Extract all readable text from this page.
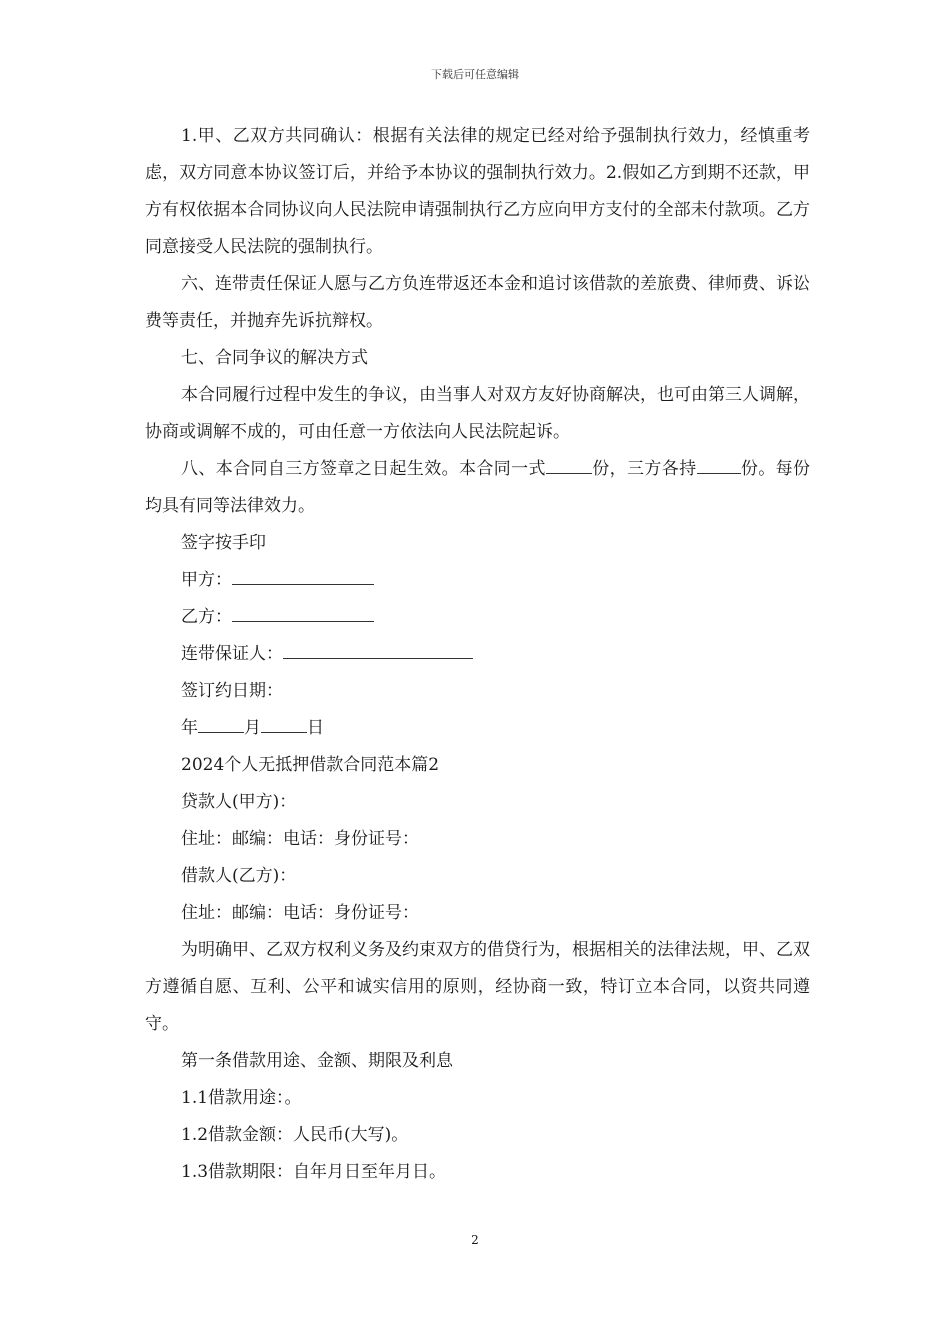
下载后可任意编辑

1.甲、乙双方共同确认：根据有关法律的规定已经对给予强制执行效力，经慎重考虑，双方同意本协议签订后，并给予本协议的强制执行效力。2.假如乙方到期不还款，甲方有权依据本合同协议向人民法院申请强制执行乙方应向甲方支付的全部未付款项。乙方同意接受人民法院的强制执行。

六、连带责任保证人愿与乙方负连带返还本金和追讨该借款的差旅费、律师费、诉讼费等责任，并抛弃先诉抗辩权。

七、合同争议的解决方式

本合同履行过程中发生的争议，由当事人对双方友好协商解决，也可由第三人调解，协商或调解不成的，可由任意一方依法向人民法院起诉。

八、本合同自三方签章之日起生效。本合同一式	份，三方各持	份。每份均具有同等法律效力。

签字按手印

甲方：

乙方：

连带保证人：

签订约日期：

年	月	日

2024个人无抵押借款合同范本篇2

贷款人(甲方)：

住址：邮编：电话：身份证号：

借款人(乙方)：

住址：邮编：电话：身份证号：

为明确甲、乙双方权利义务及约束双方的借贷行为，根据相关的法律法规，甲、乙双方遵循自愿、互利、公平和诚实信用的原则，经协商一致，特订立本合同，以资共同遵守。

第一条借款用途、金额、期限及利息

1.1借款用途：。

1.2借款金额：人民币(大写)。

1.3借款期限：自年月日至年月日。

2
